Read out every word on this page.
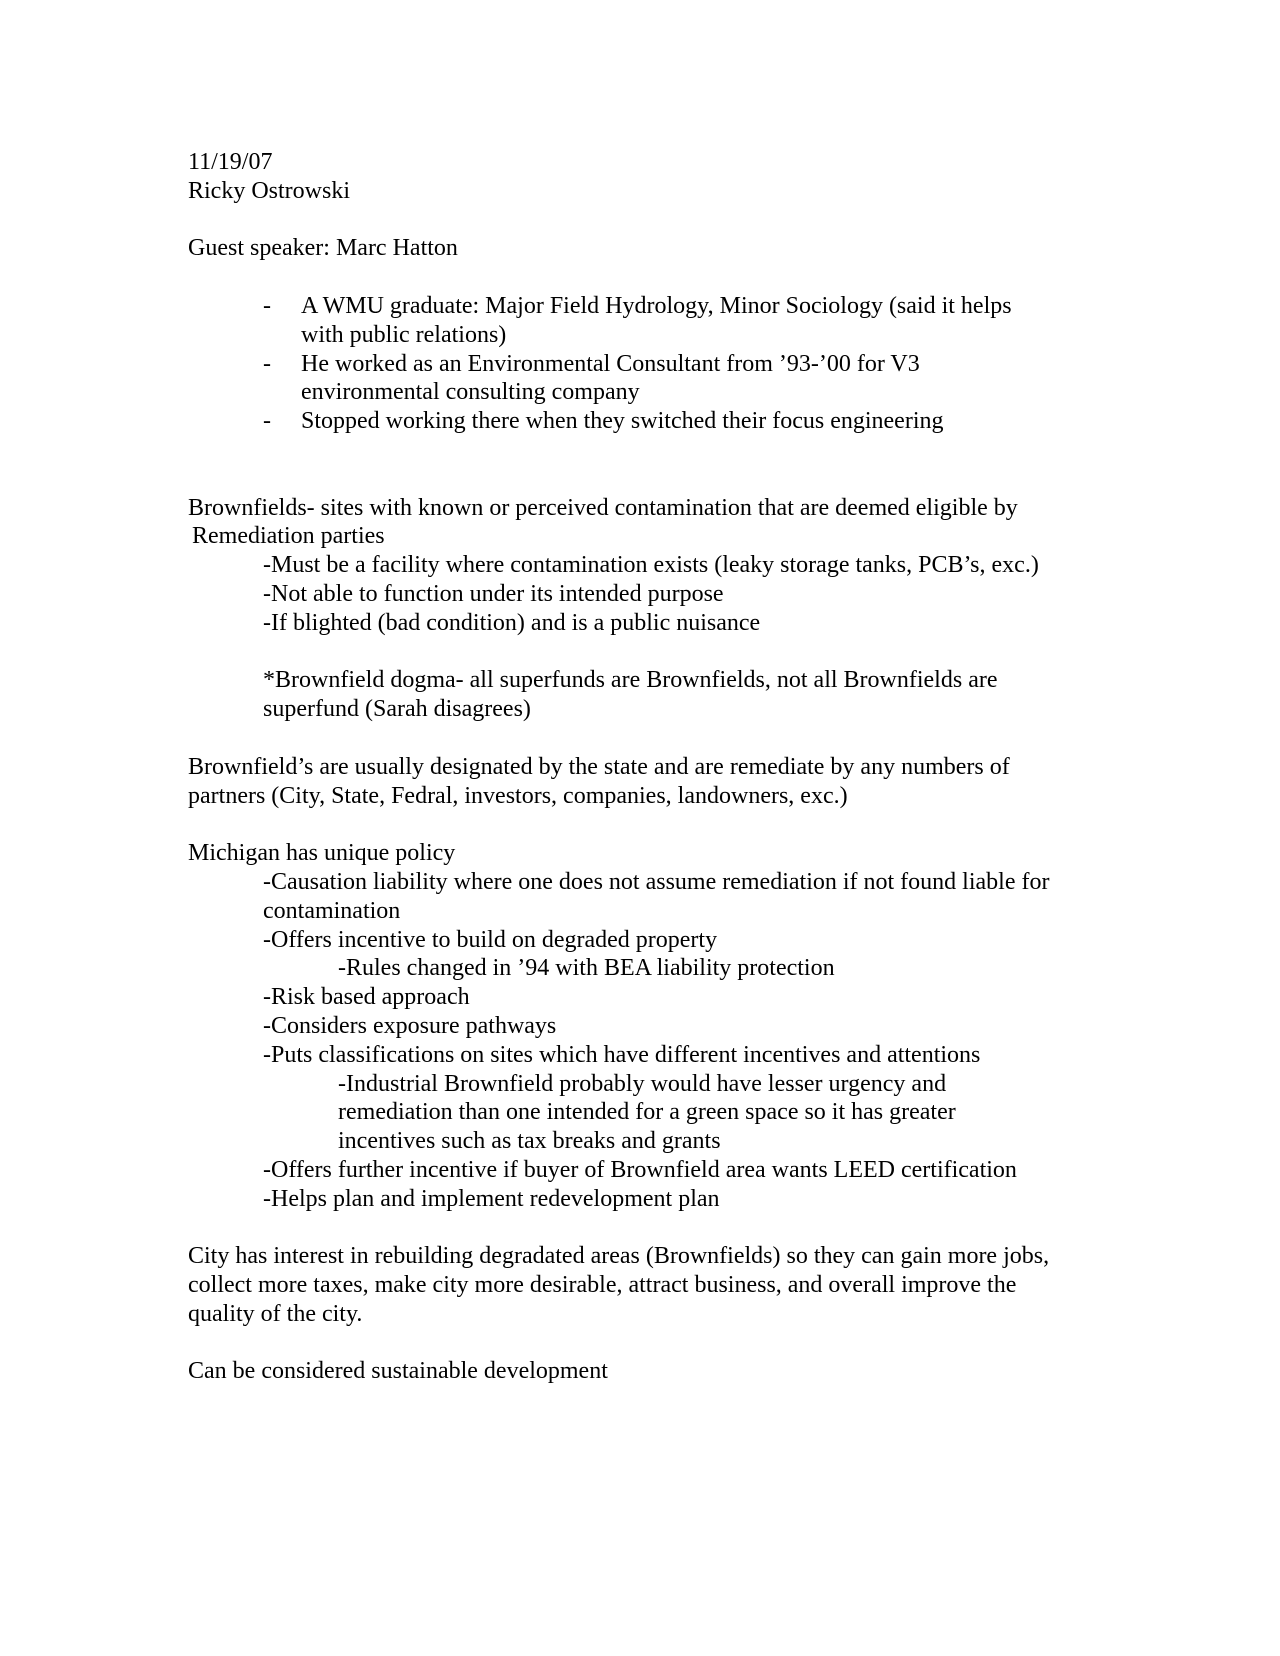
11/19/07
Ricky Ostrowski
Guest speaker: Marc Hatton
- A WMU graduate: Major Field Hydrology, Minor Sociology (said it helps
with public relations)
- He worked as an Environmental Consultant from ’93-’00 for V3
environmental consulting company
- Stopped working there when they switched their focus engineering
Brownfields- sites with known or perceived contamination that are deemed eligible by
Remediation parties
-Must be a facility where contamination exists (leaky storage tanks, PCB’s, exc.)
-Not able to function under its intended purpose
-If blighted (bad condition) and is a public nuisance
*Brownfield dogma- all superfunds are Brownfields, not all Brownfields are
superfund (Sarah disagrees)
Brownfield’s are usually designated by the state and are remediate by any numbers of
partners (City, State, Fedral, investors, companies, landowners, exc.)
Michigan has unique policy
-Causation liability where one does not assume remediation if not found liable for
contamination
-Offers incentive to build on degraded property
-Rules changed in ’94 with BEA liability protection
-Risk based approach
-Considers exposure pathways
-Puts classifications on sites which have different incentives and attentions
-Industrial Brownfield probably would have lesser urgency and
remediation than one intended for a green space so it has greater
incentives such as tax breaks and grants
-Offers further incentive if buyer of Brownfield area wants LEED certification
-Helps plan and implement redevelopment plan
City has interest in rebuilding degradated areas (Brownfields) so they can gain more jobs,
collect more taxes, make city more desirable, attract business, and overall improve the
quality of the city.
Can be considered sustainable development
